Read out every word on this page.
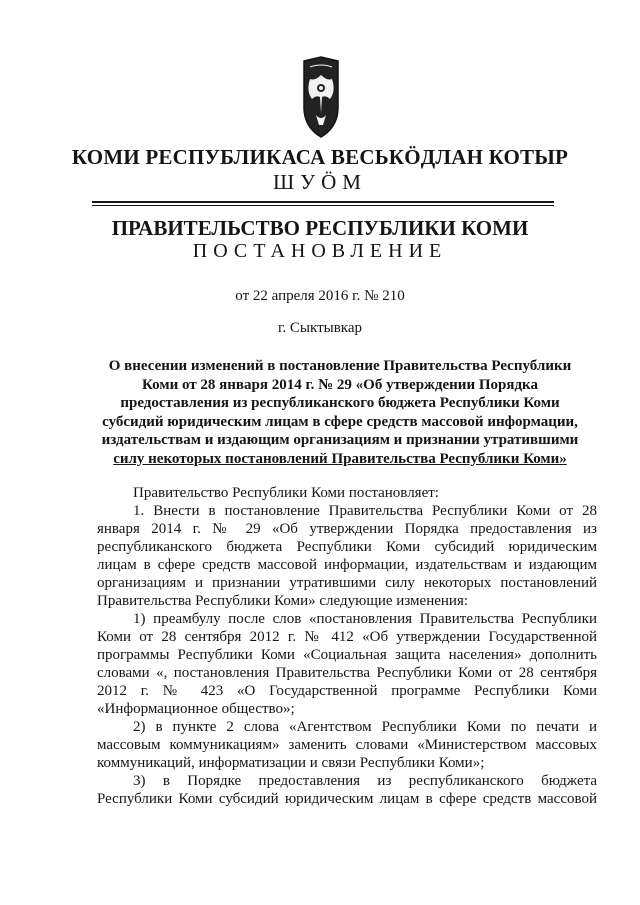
КОМИ РЕСПУБЛИКАСА ВЕСЬКӦДЛАН КОТЫР
ШУӦМ
ПРАВИТЕЛЬСТВО РЕСПУБЛИКИ КОМИ
ПОСТАНОВЛЕНИЕ
от 22 апреля 2016 г. № 210
г. Сыктывкар
О внесении изменений в постановление Правительства Республики
Коми от 28 января 2014 г. № 29 «Об утверждении Порядка
предоставления из республиканского бюджета Республики Коми
субсидий юридическим лицам в сфере средств массовой информации,
издательствам и издающим организациям и признании утратившими
силу некоторых постановлений Правительства Республики Коми»
Правительство Республики Коми постановляет:
1. Внести в постановление Правительства Республики Коми от 28
января 2014 г. № 29 «Об утверждении Порядка предоставления из
республиканского бюджета Республики Коми субсидий юридическим
лицам в сфере средств массовой информации, издательствам и издающим
организациям и признании утратившими силу некоторых постановлений
Правительства Республики Коми» следующие изменения:
1) преамбулу после слов «постановления Правительства Республики
Коми от 28 сентября 2012 г. № 412 «Об утверждении Государственной
программы Республики Коми «Социальная защита населения» дополнить
словами «, постановления Правительства Республики Коми от 28 сентября
2012 г. № 423 «О Государственной программе Республики Коми
«Информационное общество»;
2) в пункте 2 слова «Агентством Республики Коми по печати и
массовым коммуникациям» заменить словами «Министерством массовых
коммуникаций, информатизации и связи Республики Коми»;
3) в Порядке предоставления из республиканского бюджета
Республики Коми субсидий юридическим лицам в сфере средств массовой
